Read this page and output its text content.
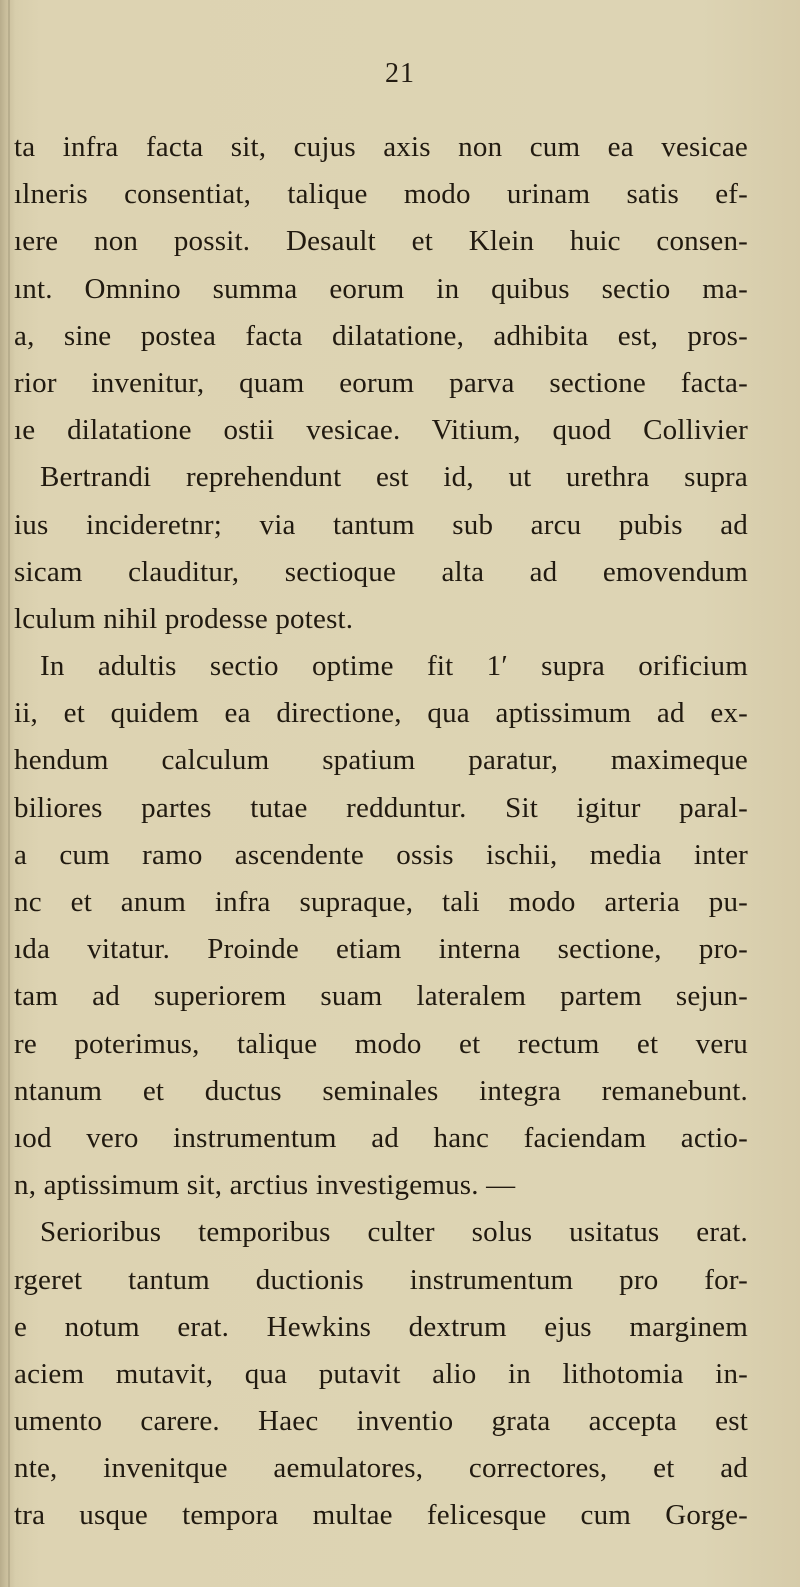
21
ta infra facta sit, cujus axis non cum ea vesicae
ılneris consentiat, talique modo urinam satis ef-
ıere non possit. Desault et Klein huic consen-
ınt. Omnino summa eorum in quibus sectio ma-
a, sine postea facta dilatatione, adhibita est, pros-
rior invenitur, quam eorum parva sectione facta-
ıe dilatatione ostii vesicae. Vitium, quod Collivier
Bertrandi reprehendunt est id, ut urethra supra
ius incideretnr; via tantum sub arcu pubis ad
sicam clauditur, sectioque alta ad emovendum
lculum nihil prodesse potest.
In adultis sectio optime fit 1′ supra orificium
ii, et quidem ea directione, qua aptissimum ad ex-
hendum calculum spatium paratur, maximeque
biliores partes tutae redduntur. Sit igitur paral-
a cum ramo ascendente ossis ischii, media inter
nc et anum infra supraque, tali modo arteria pu-
ıda vitatur. Proinde etiam interna sectione, pro-
tam ad superiorem suam lateralem partem sejun-
re poterimus, talique modo et rectum et veru
ntanum et ductus seminales integra remanebunt.
ıod vero instrumentum ad hanc faciendam actio-
n, aptissimum sit, arctius investigemus. —
Serioribus temporibus culter solus usitatus erat.
rgeret tantum ductionis instrumentum pro for-
e notum erat. Hewkins dextrum ejus marginem
aciem mutavit, qua putavit alio in lithotomia in-
umento carere. Haec inventio grata accepta est
nte, invenitque aemulatores, correctores, et ad
tra usque tempora multae felicesque cum Gorge-
